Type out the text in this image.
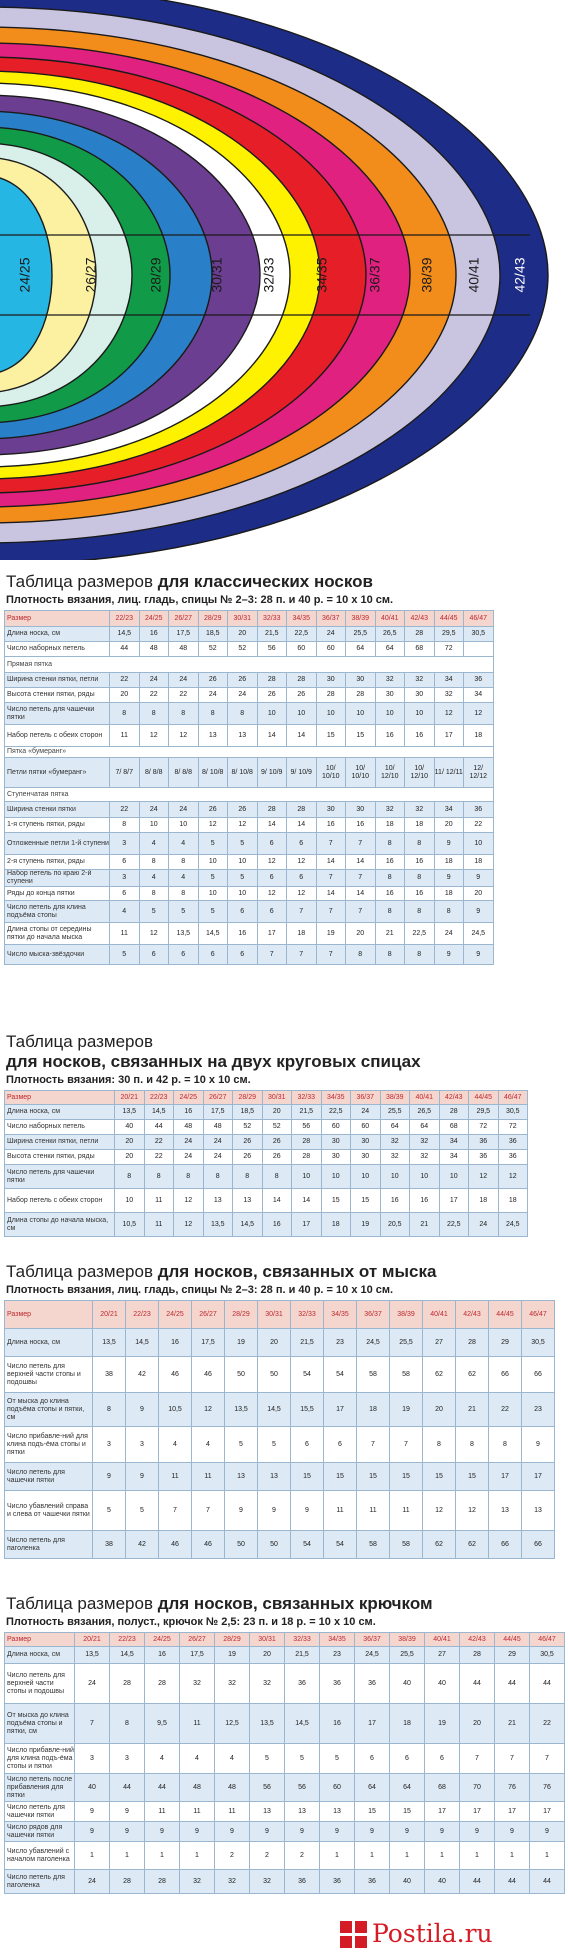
24/25	26/27	28/29	30/31	32/33	34/35	36/37	38/39 40/41 42/43
Таблица размеров для классических носков
Плотность вязания, лиц. гладь, спицы № 2–3: 28 п. и 40 р. = 10 х 10 см.
Размер	22/23	24/25	26/27	28/29	30/31	32/33	34/35	36/37	38/39	40/41	42/43	44/45	46/47
Длина носка, см	14,5	16	17,5	18,5	20	21,5	22,5	24	25,5	26,5	28	29,5	30,5
Число наборных петель	44	48	48	52	52	56	60	60	64	64	68	72	
Прямая пятка													
Ширина стенки пятки, петли	22	24	24	26	26	28	28	30	30	32	32	34	36
Высота стенки пятки, ряды	20	22	22	24	24	26	26	28	28	30	30	32	34
Число петель для чашечки пятки	8	8	8	8	8	10	10	10	10	10	10	12	12
Набор петель с обеих сторон	11	12	12	13	13	14	14	15	15	16	16	17	18
Пятка «бумеранг»													
Петли пятки «бумеранг»	7/ 8/7	8/ 8/8	8/ 8/8	8/ 10/8	8/ 10/8	9/ 10/9	9/ 10/9	10/ 10/10	10/ 10/10	10/ 12/10	10/ 12/10	11/ 12/11	12/ 12/12
Ступенчатая пятка													
Ширина стенки пятки	22	24	24	26	26	28	28	30	30	32	32	34	36
1-я ступень пятки, ряды	8	10	10	12	12	14	14	16	16	18	18	20	22
Отложенные петли 1-й ступени	3	4	4	5	5	6	6	7	7	8	8	9	10
2-я ступень пятки, ряды	6	8	8	10	10	12	12	14	14	16	16	18	18
Набор петель по краю 2-й ступени	3	4	4	5	5	6	6	7	7	8	8	9	9
Ряды до конца пятки	6	8	8	10	10	12	12	14	14	16	16	18	20
Число петель для клина подъёма стопы	4	5	5	5	6	6	7	7	7	8	8	8	9
Длина стопы от середины пятки до начала мыска	11	12	13,5	14,5	16	17	18	19	20	21	22,5	24	24,5
Число мыска-звёздочки	5	6	6	6	6	7	7	7	8	8	8	9	9
Таблица размеров
для носков, связанных на двух круговых спицах
Плотность вязания: 30 п. и 42 р. = 10 х 10 см.
Размер	20/21	22/23	24/25	26/27	28/29	30/31	32/33	34/35	36/37	38/39	40/41	42/43	44/45	46/47
Длина носка, см	13,5	14,5	16	17,5	18,5	20	21,5	22,5	24	25,5	26,5	28	29,5	30,5
Число наборных петель	40	44	48	48	52	52	56	60	60	64	64	68	72	72
Ширина стенки пятки, петли	20	22	24	24	26	26	28	30	30	32	32	34	36	36
Высота стенки пятки, ряды	20	22	24	24	26	26	28	30	30	32	32	34	36	36
Число петель для чашечки пятки	8	8	8	8	8	8	10	10	10	10	10	10	12	12
Набор петель с обеих сторон	10	11	12	13	13	14	14	15	15	16	16	17	18	18
Длина стопы до начала мыска, см	10,5	11	12	13,5	14,5	16	17	18	19	20,5	21	22,5	24	24,5
Таблица размеров для носков, связанных от мыска
Плотность вязания, лиц. гладь, спицы № 2–3: 28 п. и 40 р. = 10 х 10 см.
Размер	20/21	22/23	24/25	26/27	28/29	30/31	32/33	34/35	36/37	38/39	40/41	42/43	44/45	46/47
Длина носка, см	13,5	14,5	16	17,5	19	20	21,5	23	24,5	25,5	27	28	29	30,5
Число петель для верхней части стопы и подошвы	38	42	46	46	50	50	54	54	58	58	62	62	66	66
От мыска до клина подъёма стопы и пятки, см	8	9	10,5	12	13,5	14,5	15,5	17	18	19	20	21	22	23
Число прибавле-ний для клина подъ-ёма стопы и пятки	3	3	4	4	5	5	6	6	7	7	8	8	8	9
Число петель для чашечки пятки	9	9	11	11	13	13	15	15	15	15	15	15	17	17
Число убавлений справа и слева от чашечки пятки	5	5	7	7	9	9	9	11	11	11	12	12	13	13
Число петель для паголенка	38	42	46	46	50	50	54	54	58	58	62	62	66	66
Таблица размеров для носков, связанных крючком
Плотность вязания, полуст., крючок № 2,5: 23 п. и 18 р. = 10 х 10 см.
Размер	20/21	22/23	24/25	26/27	28/29	30/31	32/33	34/35	36/37	38/39	40/41	42/43	44/45	46/47
Длина носка, см	13,5	14,5	16	17,5	19	20	21,5	23	24,5	25,5	27	28	29	30,5
Число петель для верхней части стопы и подошвы	24	28	28	32	32	32	36	36	36	40	40	44	44	44
От мыска до клина подъёма стопы и пятки, см	7	8	9,5	11	12,5	13,5	14,5	16	17	18	19	20	21	22
Число прибавле-ний для клина подъ-ёма стопы и пятки	3	3	4	4	4	5	5	5	6	6	6	7	7	7
Число петель после прибавления для пятки	40	44	44	48	48	56	56	60	64	64	68	70	76	76
Число петель для чашечки пятки	9	9	11	11	11	13	13	13	15	15	17	17	17	17
Число рядов для чашечки пятки	9	9	9	9	9	9	9	9	9	9	9	9	9	9
Число убавлений с началом паголенка	1	1	1	1	2	2	2	1	1	1	1	1	1	1
Число петель для паголенка	24	28	28	32	32	32	36	36	36	40	40	44	44	44
Postila.ru
